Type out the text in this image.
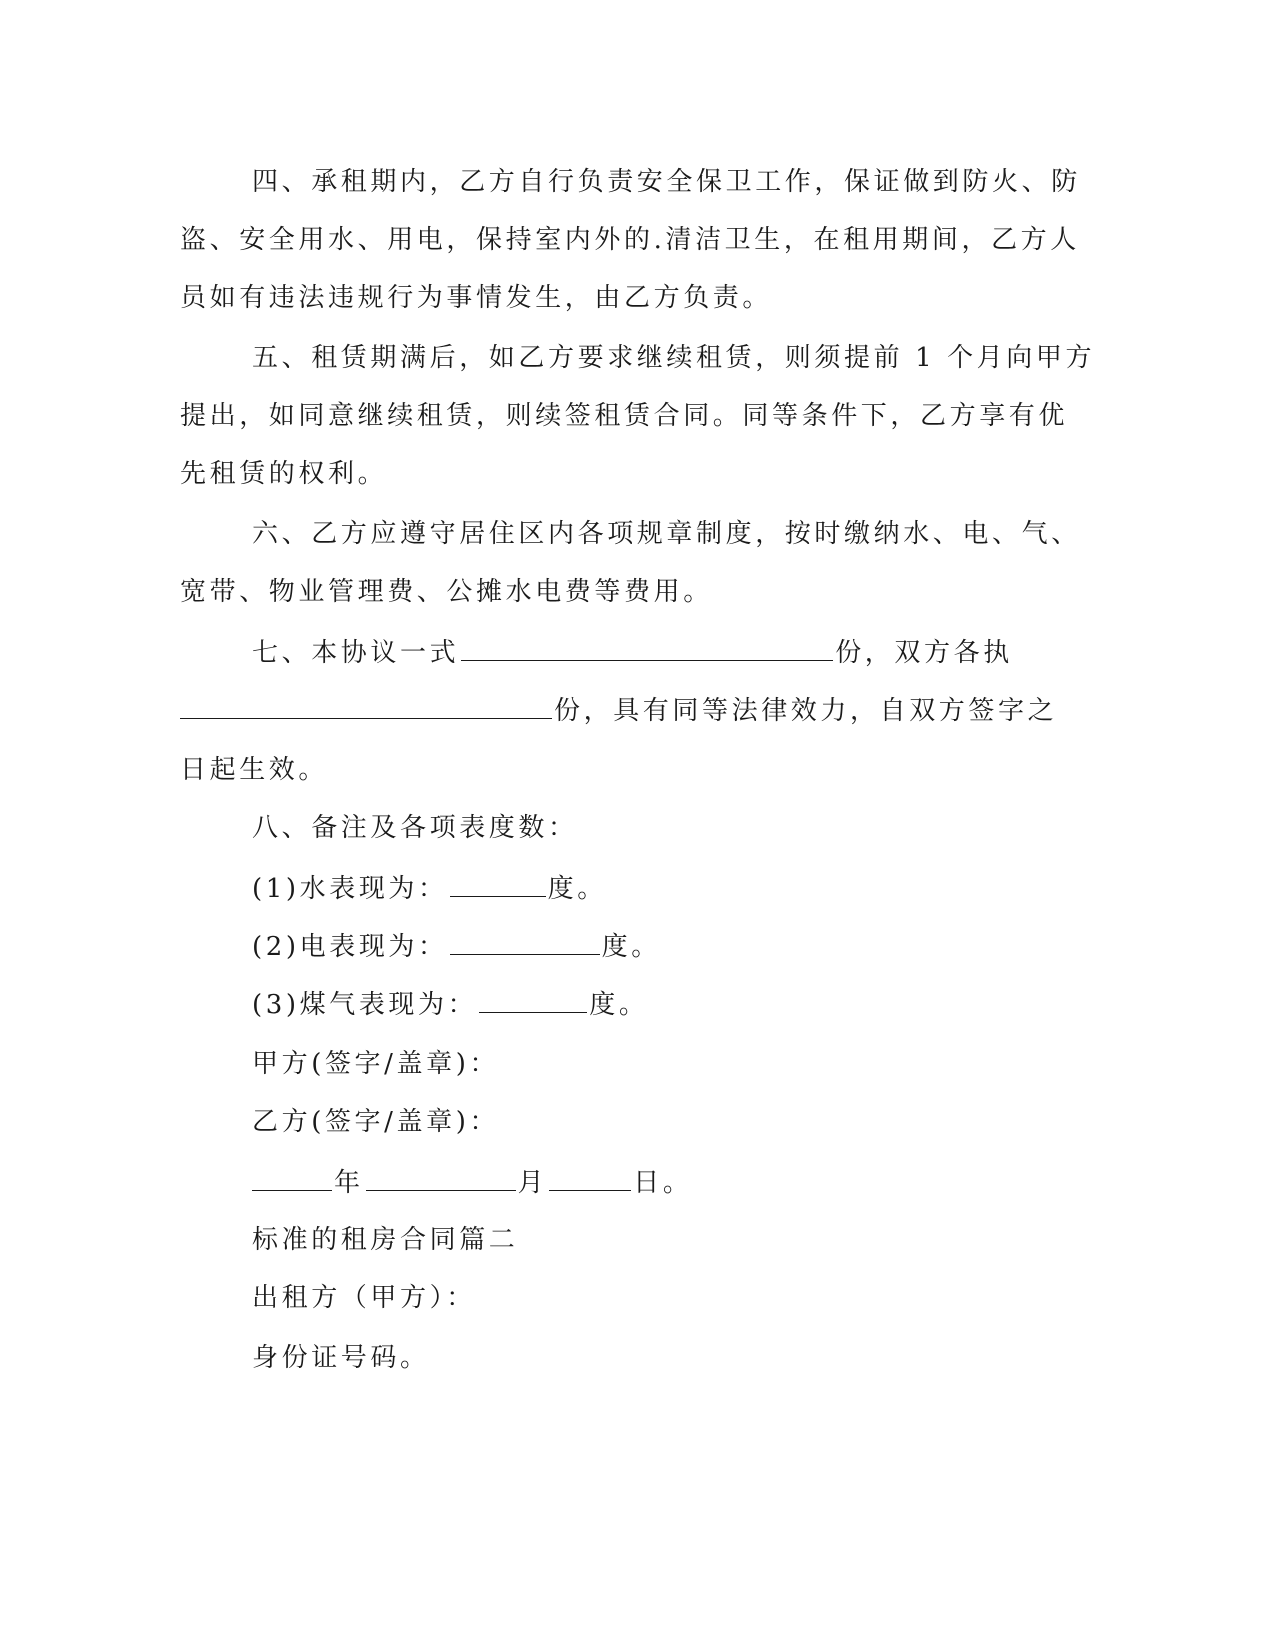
四、承租期内，乙方自行负责安全保卫工作，保证做到防火、防
盗、安全用水、用电，保持室内外的.清洁卫生，在租用期间，乙方人
员如有违法违规行为事情发生，由乙方负责。
五、租赁期满后，如乙方要求继续租赁，则须提前 1 个月向甲方
提出，如同意继续租赁，则续签租赁合同。同等条件下，乙方享有优
先租赁的权利。
六、乙方应遵守居住区内各项规章制度，按时缴纳水、电、气、
宽带、物业管理费、公摊水电费等费用。
七、本协议一式	份，双方各执
份，具有同等法律效力，自双方签字之
日起生效。
八、备注及各项表度数：
(1)水表现为：	度。
(2)电表现为：	度。
(3)煤气表现为：	度。
甲方(签字/盖章)：
乙方(签字/盖章)：
年	月	日。
标准的租房合同篇二
出租方（甲方）：
身份证号码。
